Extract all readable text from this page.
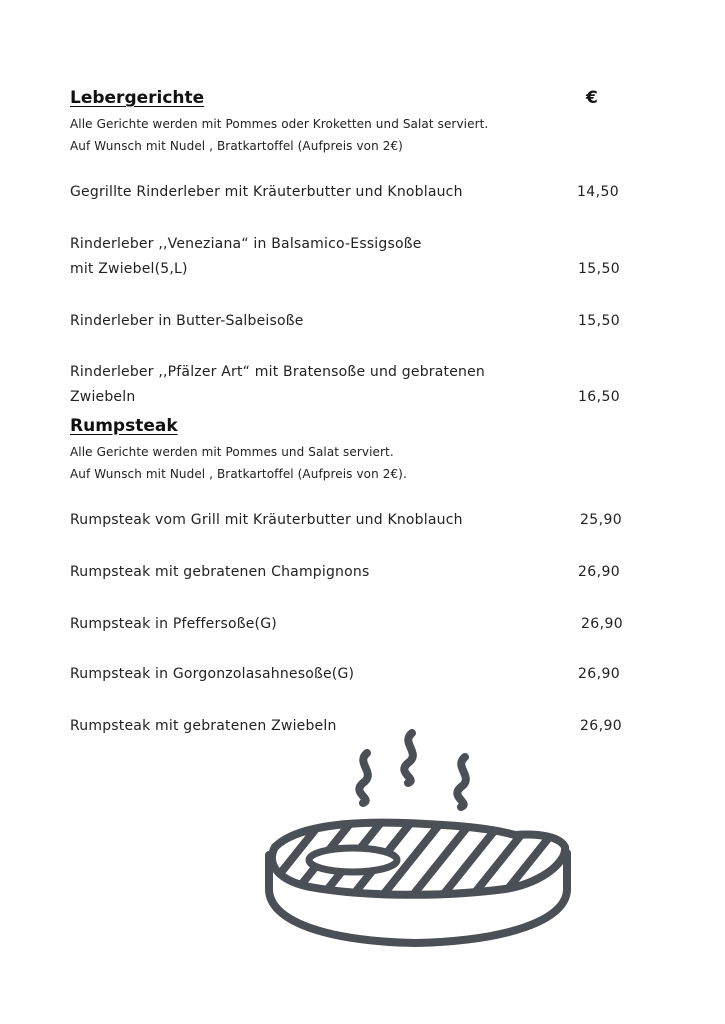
Lebergerichte	€
Alle Gerichte werden mit Pommes oder Kroketten und Salat serviert.
Auf Wunsch mit Nudel , Bratkartoffel (Aufpreis von 2€)
Gegrillte Rinderleber mit Kräuterbutter und Knoblauch	14,50
Rinderleber ,,Veneziana“ in Balsamico-Essigsoße
mit Zwiebel(5,L)	15,50
Rinderleber in Butter-Salbeisoße	15,50
Rinderleber ,,Pfälzer Art“ mit Bratensoße und gebratenen
Zwiebeln	16,50
Rumpsteak
Alle Gerichte werden mit Pommes und Salat serviert.
Auf Wunsch mit Nudel , Bratkartoffel (Aufpreis von 2€).
Rumpsteak vom Grill mit Kräuterbutter und Knoblauch	25,90
Rumpsteak mit gebratenen Champignons	26,90
Rumpsteak in Pfeffersoße(G)	26,90
Rumpsteak in Gorgonzolasahnesoße(G)	26,90
Rumpsteak mit gebratenen Zwiebeln	26,90
